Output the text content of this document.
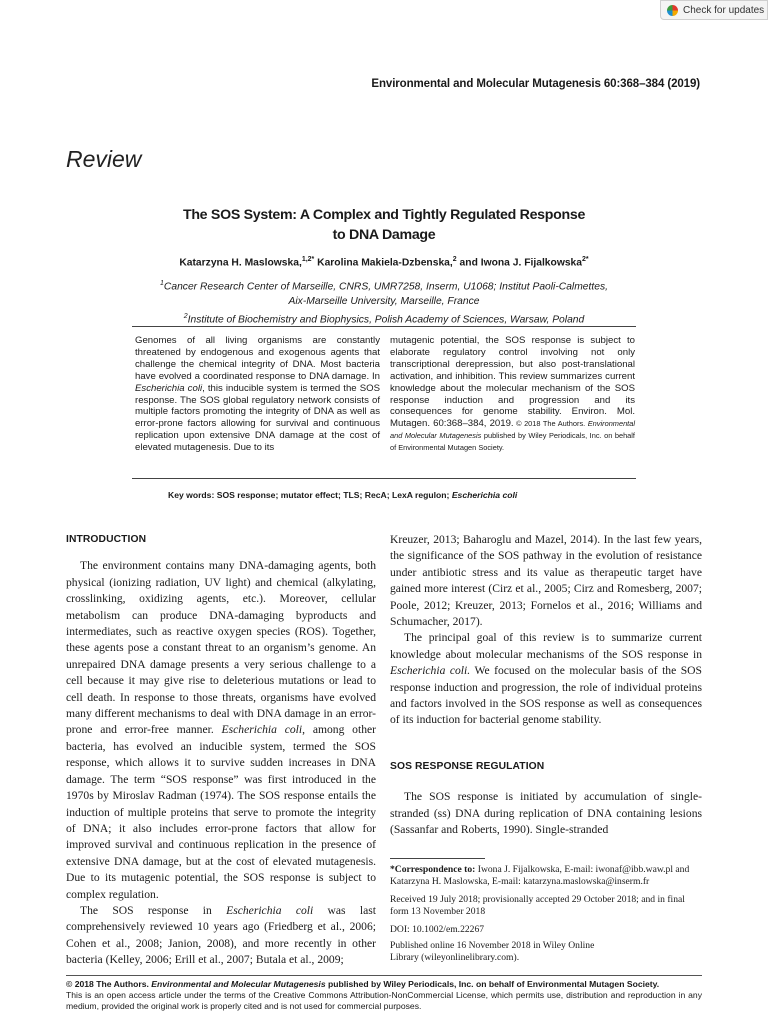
Check for updates
Environmental and Molecular Mutagenesis 60:368–384 (2019)
Review
The SOS System: A Complex and Tightly Regulated Response
to DNA Damage
Katarzyna H. Maslowska,$^{1,2*}$ Karolina Makiela-Dzbenska,$^2$ and Iwona J. Fijalkowska$^{2*}$
$^1$Cancer Research Center of Marseille, CNRS, UMR7258, Inserm, U1068; Institut Paoli-Calmettes,
Aix-Marseille University, Marseille, France
$^2$Institute of Biochemistry and Biophysics, Polish Academy of Sciences, Warsaw, Poland

Genomes of all living organisms are constantly threatened by endogenous and exogenous agents that challenge the chemical integrity of DNA. Most bacteria have evolved a coordinated response to DNA damage. In Escherichia coli, this inducible system is termed the SOS response. The SOS global regulatory network consists of multiple factors promoting the integrity of DNA as well as error-prone factors allowing for survival and continuous replication upon extensive DNA damage at the cost of elevated mutagenesis. Due to its

mutagenic potential, the SOS response is subject to elaborate regulatory control involving not only transcriptional derepression, but also post-translational activation, and inhibition. This review summarizes current knowledge about the molecular mechanism of the SOS response induction and progression and its consequences for genome stability. Environ. Mol. Mutagen. 60:368–384, 2019. © 2018 The Authors. Environmental and Molecular Mutagenesis published by Wiley Periodicals, Inc. on behalf of Environmental Mutagen Society.

Key words: SOS response; mutator effect; TLS; RecA; LexA regulon; Escherichia coli
INTRODUCTION

The environment contains many DNA-damaging agents, both physical (ionizing radiation, UV light) and chemical (alkylating, crosslinking, oxidizing agents, etc.). Moreover, cellular metabolism can produce DNA-damaging byproducts and intermediates, such as reactive oxygen species (ROS). Together, these agents pose a constant threat to an organism’s genome. An unrepaired DNA damage presents a very serious challenge to a cell because it may give rise to deleterious mutations or lead to cell death. In response to those threats, organisms have evolved many different mechanisms to deal with DNA damage in an error-prone and error-free manner. Escherichia coli, among other bacteria, has evolved an inducible system, termed the SOS response, which allows it to survive sudden increases in DNA damage. The term “SOS response” was first introduced in the 1970s by Miroslav Radman (1974). The SOS response entails the induction of multiple proteins that serve to promote the integrity of DNA; it also includes error-prone factors that allow for improved survival and continuous replication in the presence of extensive DNA damage, but at the cost of elevated mutagenesis. Due to its mutagenic potential, the SOS response is subject to complex regulation.

The SOS response in Escherichia coli was last comprehensively reviewed 10 years ago (Friedberg et al., 2006; Cohen et al., 2008; Janion, 2008), and more recently in other bacteria (Kelley, 2006; Erill et al., 2007; Butala et al., 2009;

Kreuzer, 2013; Baharoglu and Mazel, 2014). In the last few years, the significance of the SOS pathway in the evolution of resistance under antibiotic stress and its value as therapeutic target have gained more interest (Cirz et al., 2005; Cirz and Romesberg, 2007; Poole, 2012; Kreuzer, 2013; Fornelos et al., 2016; Williams and Schumacher, 2017).

The principal goal of this review is to summarize current knowledge about molecular mechanisms of the SOS response in Escherichia coli. We focused on the molecular basis of the SOS response induction and progression, the role of individual proteins and factors involved in the SOS response as well as consequences of its induction for bacterial genome stability.

SOS RESPONSE REGULATION

The SOS response is initiated by accumulation of single-stranded (ss) DNA during replication of DNA containing lesions (Sassanfar and Roberts, 1990). Single-stranded

*Correspondence to: Iwona J. Fijalkowska, E-mail: iwonaf@ibb.waw.pl and Katarzyna H. Maslowska, E-mail: katarzyna.maslowska@inserm.fr
Received 19 July 2018; provisionally accepted 29 October 2018; and in final form 13 November 2018
DOI: 10.1002/em.22267
Published online 16 November 2018 in Wiley Online Library (wileyonlinelibrary.com).
© 2018 The Authors. Environmental and Molecular Mutagenesis published by Wiley Periodicals, Inc. on behalf of Environmental Mutagen Society.
This is an open access article under the terms of the Creative Commons Attribution-NonCommercial License, which permits use, distribution and reproduction in any medium, provided the original work is properly cited and is not used for commercial purposes.
